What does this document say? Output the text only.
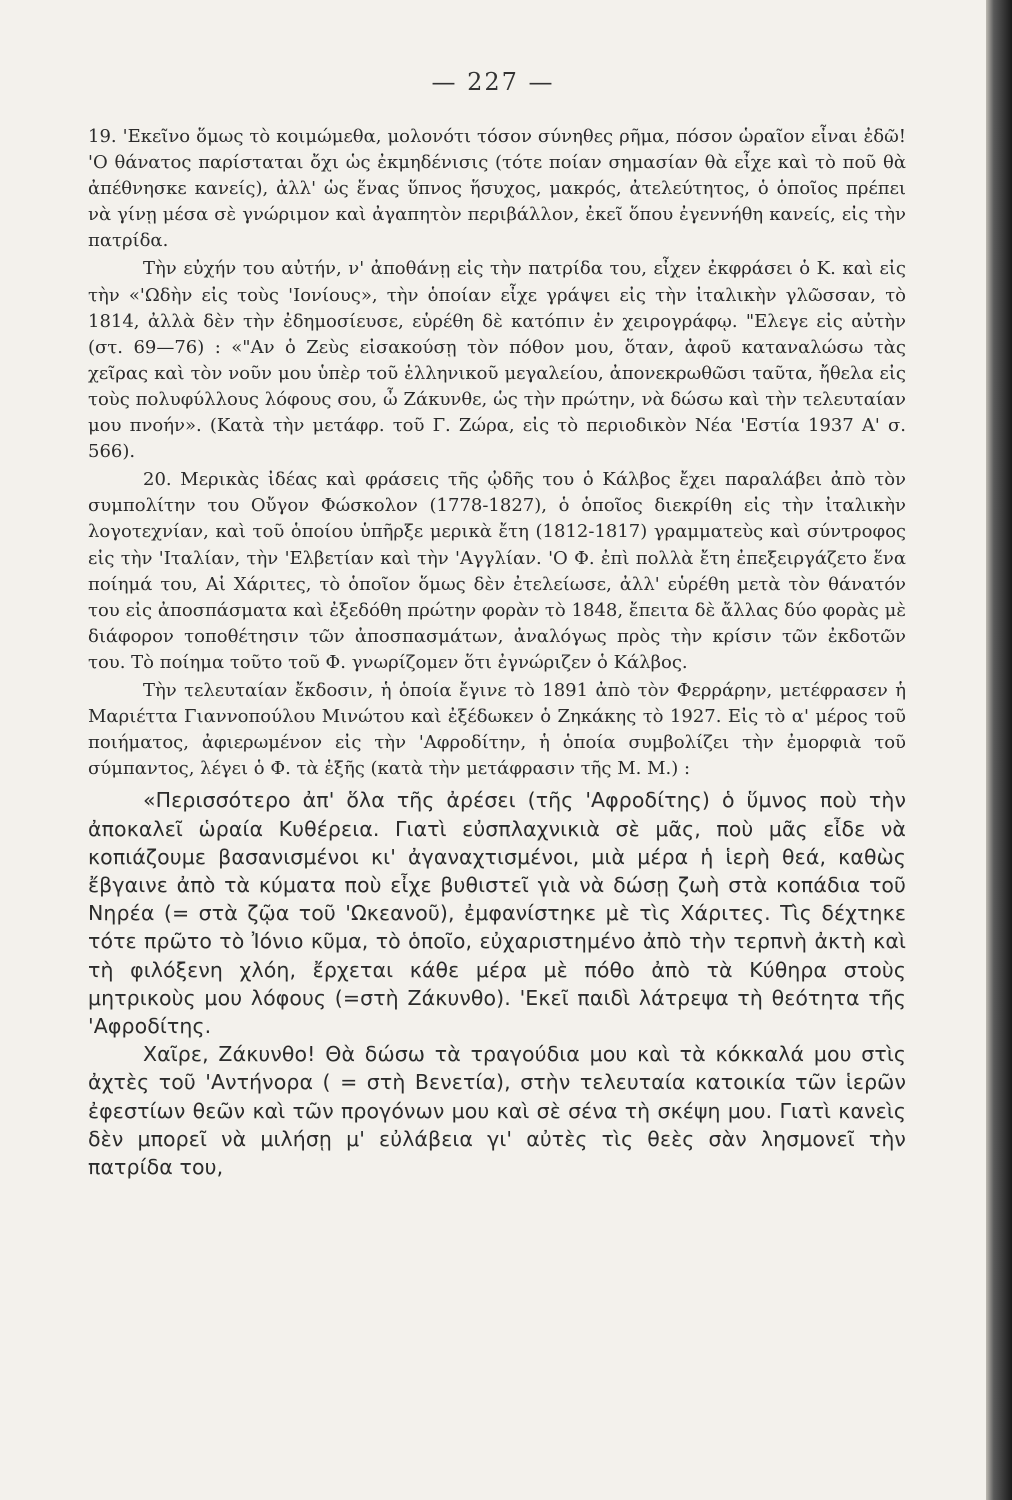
— 227 —

19. 'Εκεῖνο ὅμως τὸ κοιμώμεθα, μολονότι τόσον σύνηθες ρῆμα, πόσον ὡραῖον εἶναι ἐδῶ! 'Ο θάνατος παρίσταται ὄχι ὡς ἐκμηδένισις (τότε ποίαν σημασίαν θὰ εἶχε καὶ τὸ ποῦ θὰ ἀπέθνησκε κανείς), ἀλλ' ὡς ἕνας ὕπνος ἥσυχος, μακρός, ἀτελεύτητος, ὁ ὁποῖος πρέπει νὰ γίνῃ μέσα σὲ γνώριμον καὶ ἀγαπητὸν περιβάλλον, ἐκεῖ ὅπου ἐγεννήθη κανείς, εἰς τὴν πατρίδα.

Τὴν εὐχήν του αὐτήν, ν' ἀποθάνῃ εἰς τὴν πατρίδα του, εἶχεν ἐκφράσει ὁ Κ. καὶ εἰς τὴν «'Ωδὴν εἰς τοὺς 'Ιονίους», τὴν ὁποίαν εἶχε γράψει εἰς τὴν ἰταλικὴν γλῶσσαν, τὸ 1814, ἀλλὰ δὲν τὴν ἐδημοσίευσε, εὑρέθη δὲ κατόπιν ἐν χειρογράφῳ. "Ελεγε εἰς αὐτὴν (στ. 69—76) : «"Αν ὁ Ζεὺς εἰσακούσῃ τὸν πόθον μου, ὅταν, ἀφοῦ καταναλώσω τὰς χεῖρας καὶ τὸν νοῦν μου ὑπὲρ τοῦ ἑλληνικοῦ μεγαλείου, ἀπονεκρωθῶσι ταῦτα, ἤθελα εἰς τοὺς πολυφύλλους λόφους σου, ὦ Ζάκυνθε, ὡς τὴν πρώτην, νὰ δώσω καὶ τὴν τελευταίαν μου πνοήν». (Κατὰ τὴν μετάφρ. τοῦ Γ. Ζώρα, εἰς τὸ περιοδικὸν Νέα 'Εστία 1937 Α' σ. 566).

20. Μερικὰς ἰδέας καὶ φράσεις τῆς ᾠδῆς του ὁ Κάλβος ἔχει παραλάβει ἀπὸ τὸν συμπολίτην του Οὔγον Φώσκολον (1778-1827), ὁ ὁποῖος διεκρίθη εἰς τὴν ἰταλικὴν λογοτεχνίαν, καὶ τοῦ ὁποίου ὑπῆρξε μερικὰ ἔτη (1812-1817) γραμματεὺς καὶ σύντροφος εἰς τὴν 'Ιταλίαν, τὴν 'Ελβετίαν καὶ τὴν 'Αγγλίαν. 'Ο Φ. ἐπὶ πολλὰ ἔτη ἐπεξειργάζετο ἕνα ποίημά του, Αἱ Χάριτες, τὸ ὁποῖον ὅμως δὲν ἐτελείωσε, ἀλλ' εὑρέθη μετὰ τὸν θάνατόν του εἰς ἀποσπάσματα καὶ ἐξεδόθη πρώτην φορὰν τὸ 1848, ἔπειτα δὲ ἄλλας δύο φορὰς μὲ διάφορον τοποθέτησιν τῶν ἀποσπασμάτων, ἀναλόγως πρὸς τὴν κρίσιν τῶν ἐκδοτῶν του. Τὸ ποίημα τοῦτο τοῦ Φ. γνωρίζομεν ὅτι ἐγνώριζεν ὁ Κάλβος.

Τὴν τελευταίαν ἔκδοσιν, ἡ ὁποία ἔγινε τὸ 1891 ἀπὸ τὸν Φερράρην, μετέφρασεν ἡ Μαριέττα Γιαννοπούλου Μινώτου καὶ ἐξέδωκεν ὁ Ζηκάκης τὸ 1927. Εἰς τὸ α' μέρος τοῦ ποιήματος, ἀφιερωμένον εἰς τὴν 'Αφροδίτην, ἡ ὁποία συμβολίζει τὴν ἐμορφιὰ τοῦ σύμπαντος, λέγει ὁ Φ. τὰ ἑξῆς (κατὰ τὴν μετάφρασιν τῆς Μ. Μ.) :

«Περισσότερο ἀπ' ὅλα τῆς ἀρέσει (τῆς 'Αφροδίτης) ὁ ὕμνος ποὺ τὴν ἀποκαλεῖ ὡραία Κυθέρεια. Γιατὶ εὐσπλαχνικιὰ σὲ μᾶς, ποὺ μᾶς εἶδε νὰ κοπιάζουμε βασανισμένοι κι' ἀγαναχτισμένοι, μιὰ μέρα ἡ ἱερὴ θεά, καθὼς ἔβγαινε ἀπὸ τὰ κύματα ποὺ εἶχε βυθιστεῖ γιὰ νὰ δώσῃ ζωὴ στὰ κοπάδια τοῦ Νηρέα (= στὰ ζῷα τοῦ 'Ωκεανοῦ), ἐμφανίστηκε μὲ τὶς Χάριτες. Τὶς δέχτηκε τότε πρῶτο τὸ Ἰόνιο κῦμα, τὸ ὁποῖο, εὐχαριστημένο ἀπὸ τὴν τερπνὴ ἀκτὴ καὶ τὴ φιλόξενη χλόη, ἔρχεται κάθε μέρα μὲ πόθο ἀπὸ τὰ Κύθηρα στοὺς μητρικοὺς μου λόφους (=στὴ Ζάκυνθο). 'Εκεῖ παιδὶ λάτρεψα τὴ θεότητα τῆς 'Αφροδίτης.

Χαῖρε, Ζάκυνθο! Θὰ δώσω τὰ τραγούδια μου καὶ τὰ κόκκαλά μου στὶς ἀχτὲς τοῦ 'Αντήνορα ( = στὴ Βενετία), στὴν τελευταία κατοικία τῶν ἱερῶν ἐφεστίων θεῶν καὶ τῶν προγόνων μου καὶ σὲ σένα τὴ σκέψη μου. Γιατὶ κανεὶς δὲν μπορεῖ νὰ μιλήσῃ μ' εὐλάβεια γι' αὐτὲς τὶς θεὲς σὰν λησμονεῖ τὴν πατρίδα του,
